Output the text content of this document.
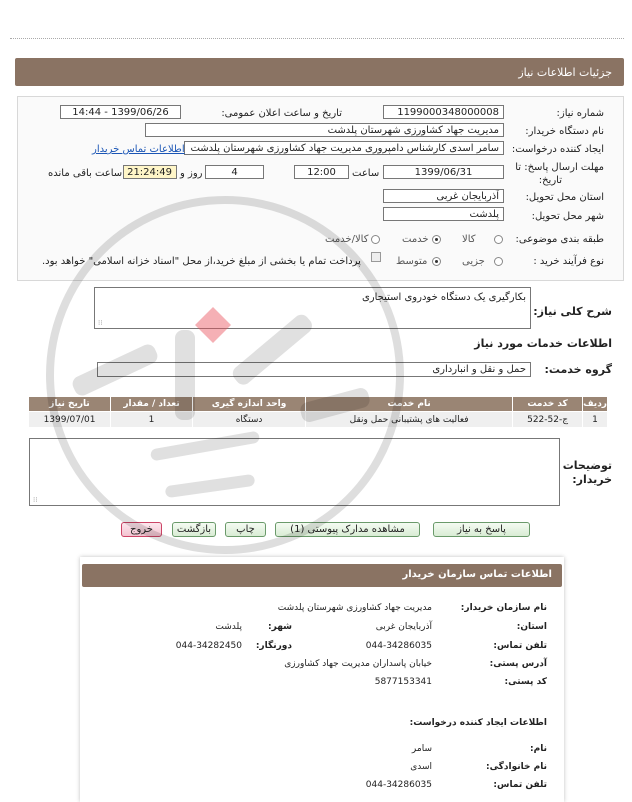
جزئیات اطلاعات نیاز
شماره نیاز:
1199000348000008
تاریخ و ساعت اعلان عمومی:
1399/06/26 - 14:44
نام دستگاه خریدار:
مدیریت جهاد کشاورزی شهرستان پلدشت
ایجاد کننده درخواست:
سامر اسدی کارشناس دامپروری مدیریت جهاد کشاورزی شهرستان پلدشت
اطلاعات تماس خریدار
مهلت ارسال پاسخ: تا
تاریخ:
1399/06/31
ساعت
12:00
4
روز و
21:24:49
ساعت باقی مانده
استان محل تحویل:
آذربایجان غربی
شهر محل تحویل:
پلدشت
طبقه بندی موضوعی:
کالا
خدمت
کالا/خدمت
نوع فرآیند خرید :
جزیی
متوسط
پرداخت تمام یا بخشی از مبلغ خرید،از محل "اسناد خزانه اسلامی" خواهد بود.
شرح کلی نیاز:
بکارگیری یک دستگاه خودروی استیجاری
⁞⁞
اطلاعات خدمات مورد نیاز
گروه خدمت:
حمل و نقل و انبارداری
ردیف	کد خدمت	نام خدمت	واحد اندازه گیری	تعداد / مقدار	تاریخ نیاز
1	ج-52-522	فعالیت های پشتیبانی حمل ونقل	دستگاه	1	1399/07/01
توضیحات
خریدار:
⁞⁞
پاسخ به نیاز
مشاهده مدارک پیوستی (1)
چاپ
بازگشت
خروج
اطلاعات تماس سازمان خریدار
نام سازمان خریدار:
مدیریت جهاد کشاورزی شهرستان پلدشت
استان:
آذربایجان غربی
شهر:
پلدشت
تلفن تماس:
044-34286035
دورنگار:
044-34282450
آدرس پستی:
خیابان پاسداران مدیریت جهاد کشاورزی
کد پستی:
5877153341
اطلاعات ایجاد کننده درخواست:
نام:
سامر
نام خانوادگی:
اسدی
تلفن تماس:
044-34286035
